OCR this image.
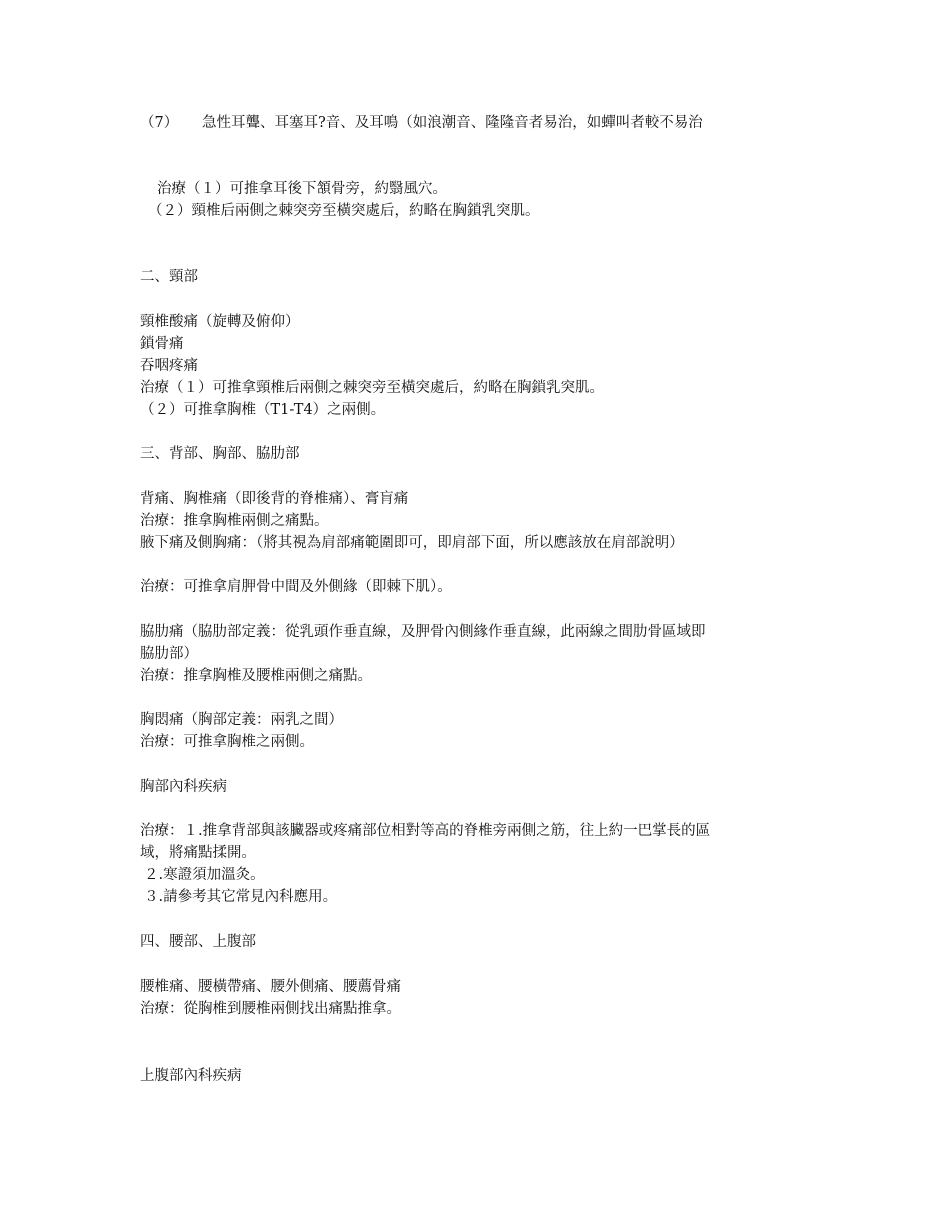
（7） 急性耳聾、耳塞耳?音、及耳鳴（如浪潮音、隆隆音者易治，如蟬叫者較不易治
治療（１）可推拿耳後下頷骨旁，約翳風穴。
（２）頸椎后兩側之棘突旁至橫突處后，約略在胸鎖乳突肌。
二、頸部
頸椎酸痛（旋轉及俯仰）
鎖骨痛
吞咽疼痛
治療（１）可推拿頸椎后兩側之棘突旁至橫突處后，約略在胸鎖乳突肌。
（２）可推拿胸椎（T1-T4）之兩側。
三、背部、胸部、脇肋部
背痛、胸椎痛（即後背的脊椎痛）、膏肓痛
治療：推拿胸椎兩側之痛點。
腋下痛及側胸痛：（將其視為肩部痛範圍即可，即肩部下面，所以應該放在肩部說明）
治療：可推拿肩胛骨中間及外側緣（即棘下肌）。
脇肋痛（脇肋部定義：從乳頭作垂直線，及胛骨內側緣作垂直線，此兩線之間肋骨區域即
脇肋部）
治療：推拿胸椎及腰椎兩側之痛點。
胸悶痛（胸部定義：兩乳之間）
治療：可推拿胸椎之兩側。
胸部內科疾病
治療：１.推拿背部與該臟器或疼痛部位相對等高的脊椎旁兩側之筋，往上約一巴掌長的區
域，將痛點揉開。
２.寒證須加溫灸。
３.請參考其它常見內科應用。
四、腰部、上腹部
腰椎痛、腰橫帶痛、腰外側痛、腰薦骨痛
治療：從胸椎到腰椎兩側找出痛點推拿。
上腹部內科疾病
